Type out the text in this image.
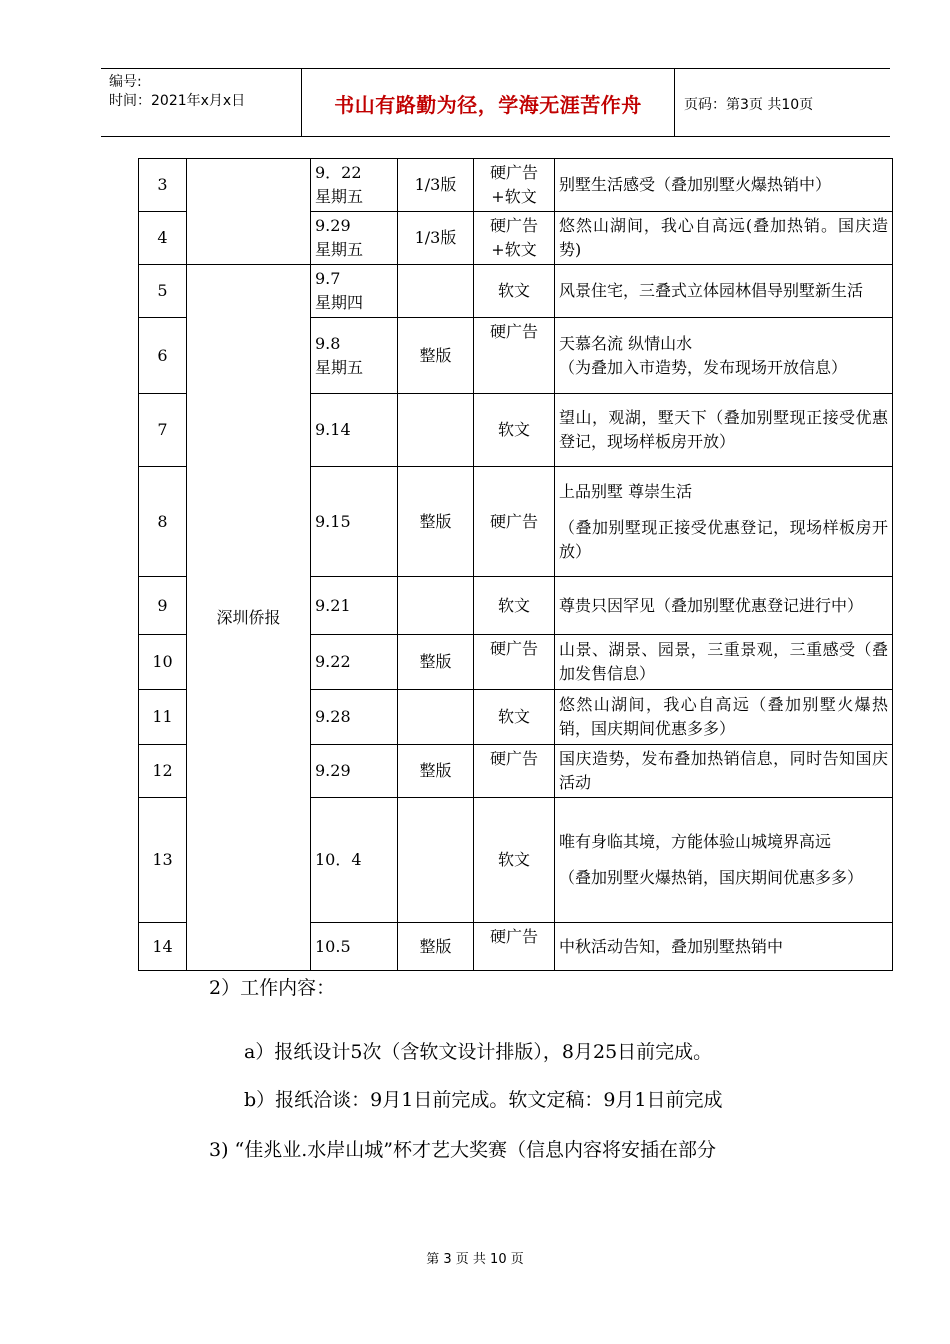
编号:
时间：2021年x月x日	书山有路勤为径，学海无涯苦作舟	页码：第3页 共10页
3		9．22
星期五	1/3版	硬广告
+软文	别墅生活感受（叠加别墅火爆热销中）

4		9.29
星期五	1/3版	硬广告
+软文	悠然山湖间，我心自高远(叠加热销。国庆造势)

5	深圳侨报	9.7
星期四		软文	风景住宅，三叠式立体园林倡导别墅新生活

6		9.8
星期五	整版	硬广告	天慕名流 纵情山水
（为叠加入市造势，发布现场开放信息）

7		9.14		软文	望山，观湖，墅天下（叠加别墅现正接受优惠登记，现场样板房开放）

8		9.15	整版	硬广告	上品别墅 尊崇生活
（叠加别墅现正接受优惠登记，现场样板房开放）

9		9.21		软文	尊贵只因罕见（叠加别墅优惠登记进行中）

10		9.22	整版	硬广告	山景、湖景、园景，三重景观，三重感受（叠加发售信息）

11		9.28		软文	悠然山湖间，我心自高远（叠加别墅火爆热销，国庆期间优惠多多）

12		9.29	整版	硬广告	国庆造势，发布叠加热销信息，同时告知国庆活动

13		10．4		软文	唯有身临其境，方能体验山城境界高远
（叠加别墅火爆热销，国庆期间优惠多多）

14		10.5	整版	硬广告	中秋活动告知，叠加别墅热销中
2）工作内容：
a）报纸设计5次（含软文设计排版），8月25日前完成。
b）报纸洽谈：9月1日前完成。软文定稿：9月1日前完成
3) “佳兆业.水岸山城”杯才艺大奖赛（信息内容将安插在部分
第 3 页 共 10 页
